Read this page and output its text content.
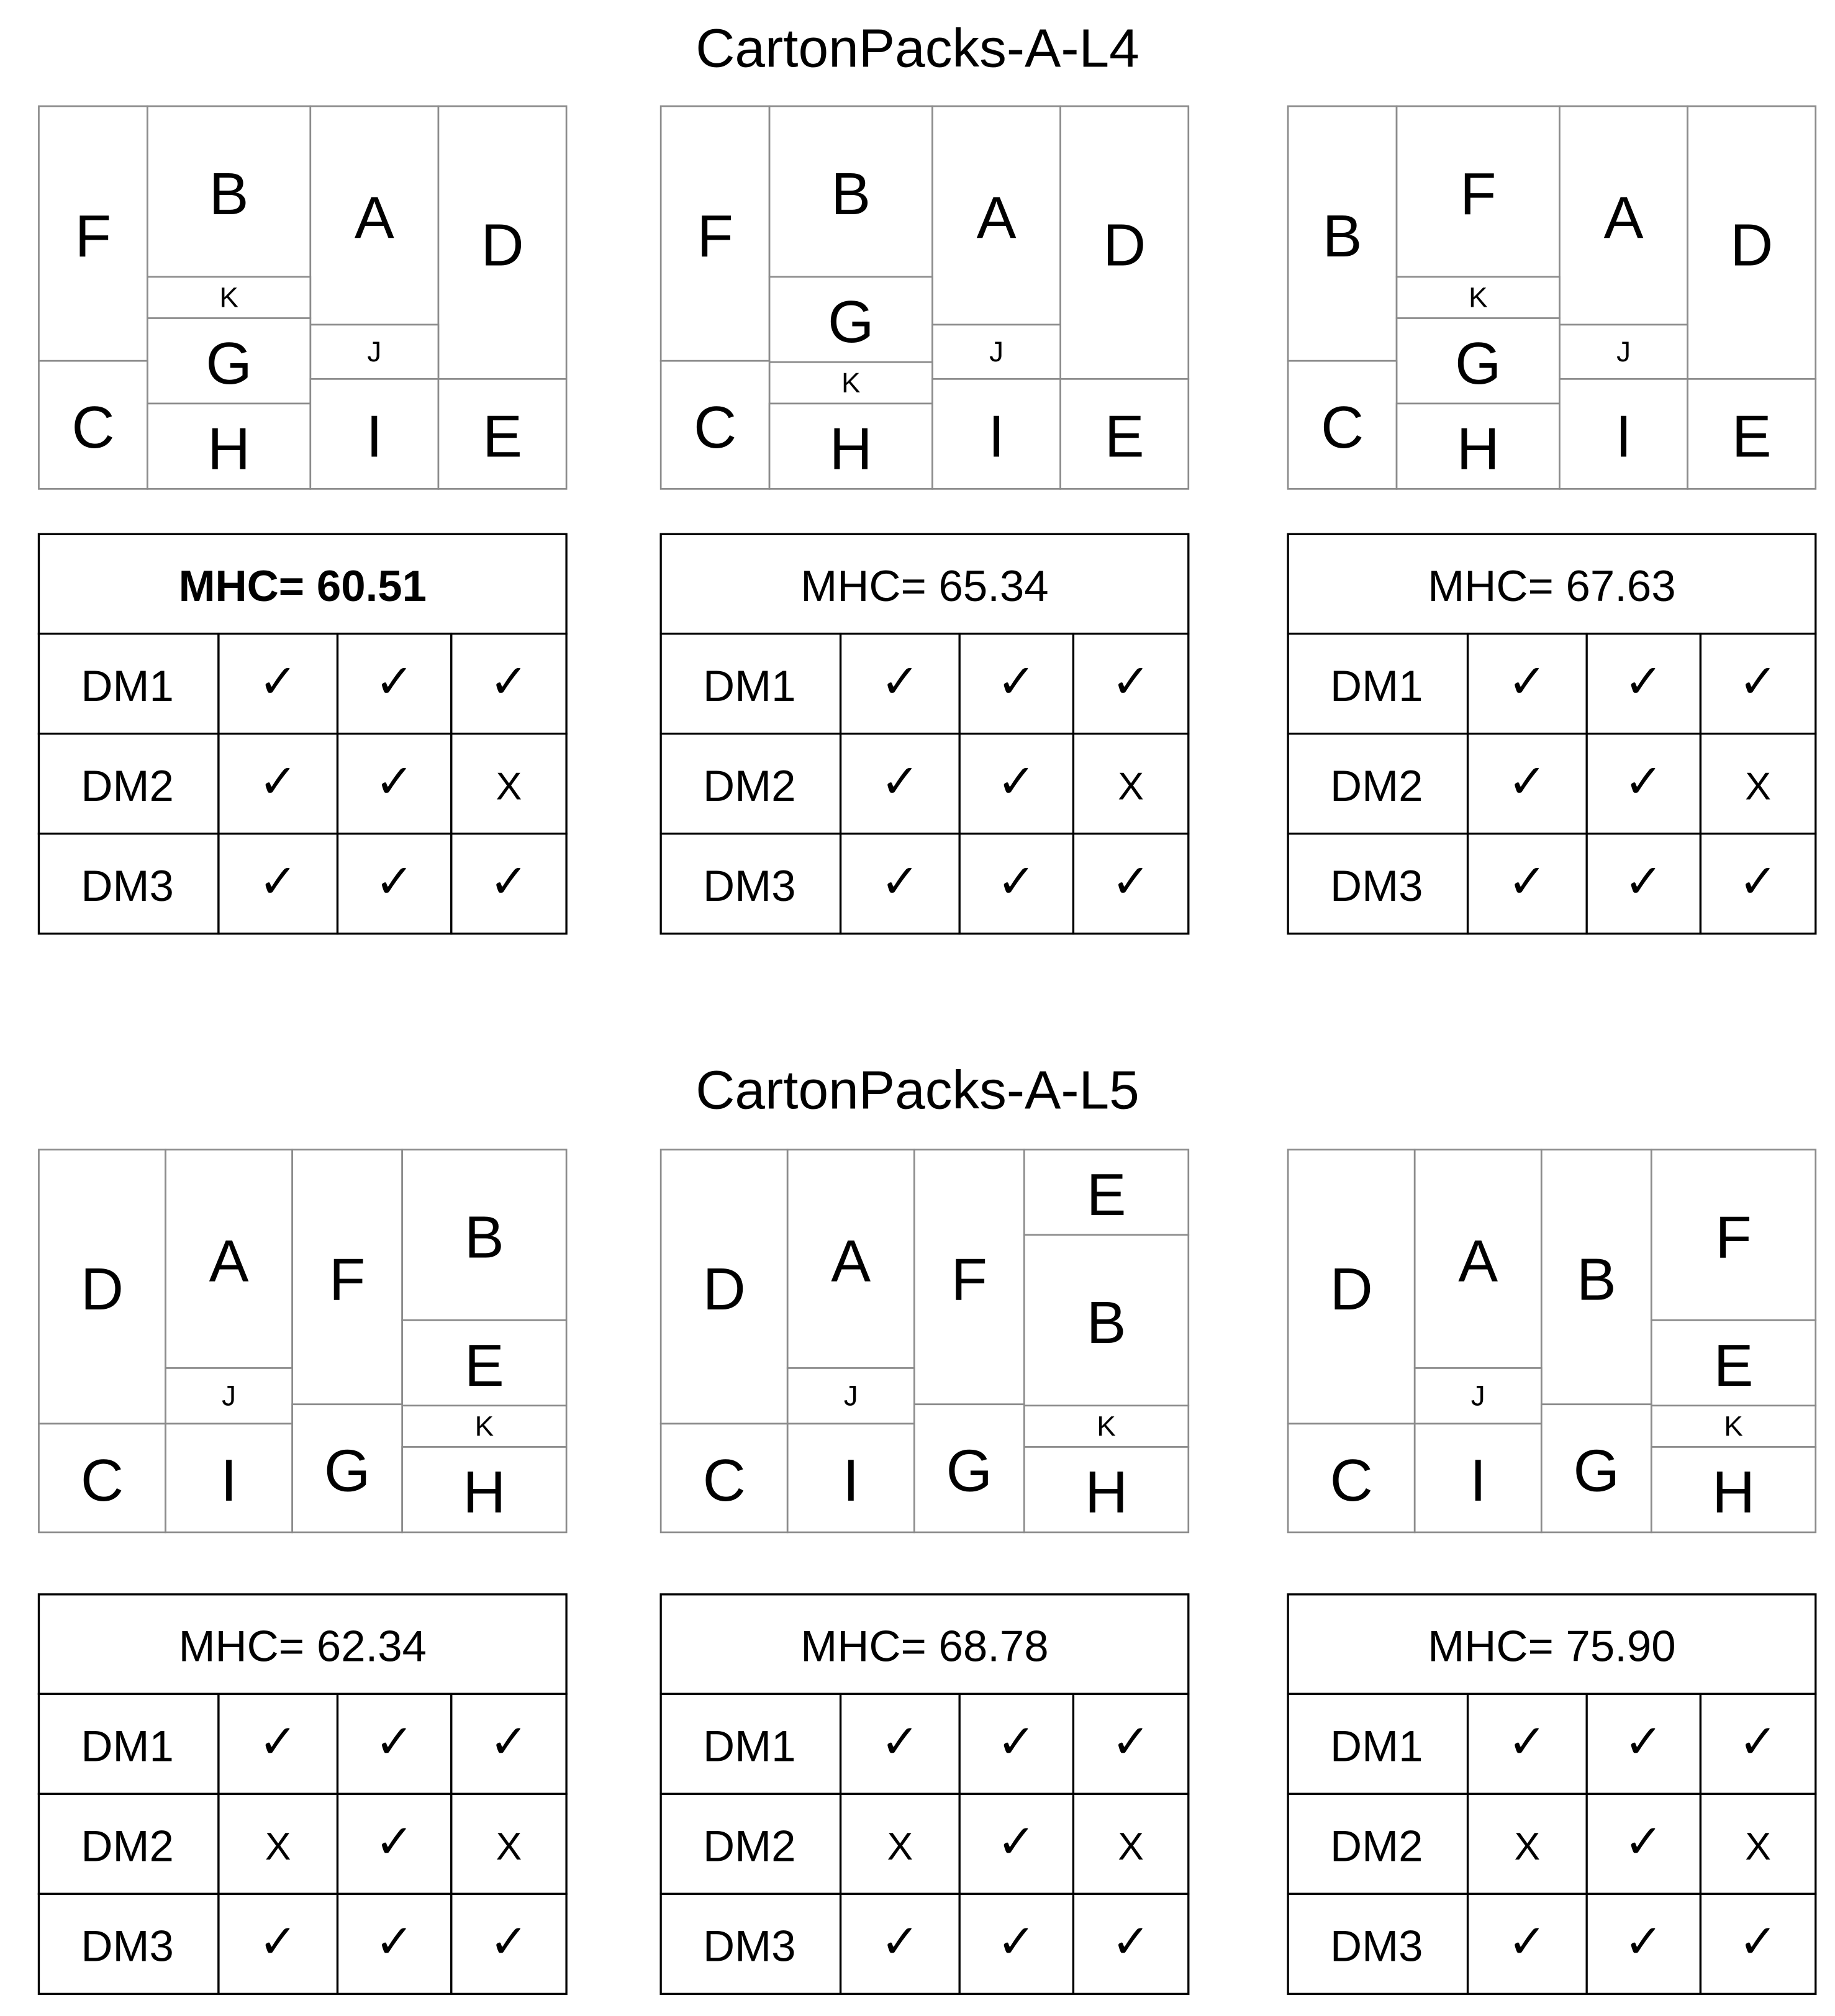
CartonPacks-A-L4
F
B	A	D
K
J
G
C	H	I	E
MHC= 60.51
DM1	✓	✓	✓
DM2	✓	✓	X
DM3	✓	✓	✓
F
B	A	D
G	J
K
C	H	I	E
MHC= 65.34
DM1	✓	✓	✓
DM2	✓	✓	X
DM3	✓	✓	✓
B
F	A	D
K
J
G
C	H	I	E
MHC= 67.63
DM1	✓	✓	✓
DM2	✓	✓	X
DM3	✓	✓	✓
CartonPacks-A-L5
D	A	F
B
E
J
K
C	I	G	H
MHC= 62.34
DM1	✓	✓	✓
DM2	X	✓	X
DM3	✓	✓	✓
D	A	F
E
B
J
K
C	I	G	H
MHC= 68.78
DM1	✓	✓	✓
DM2	X	✓	X
DM3	✓	✓	✓
D	A	B
F
E
J
K
C	I	G	H
MHC= 75.90
DM1	✓	✓	✓
DM2	X	✓	X
DM3	✓	✓	✓
